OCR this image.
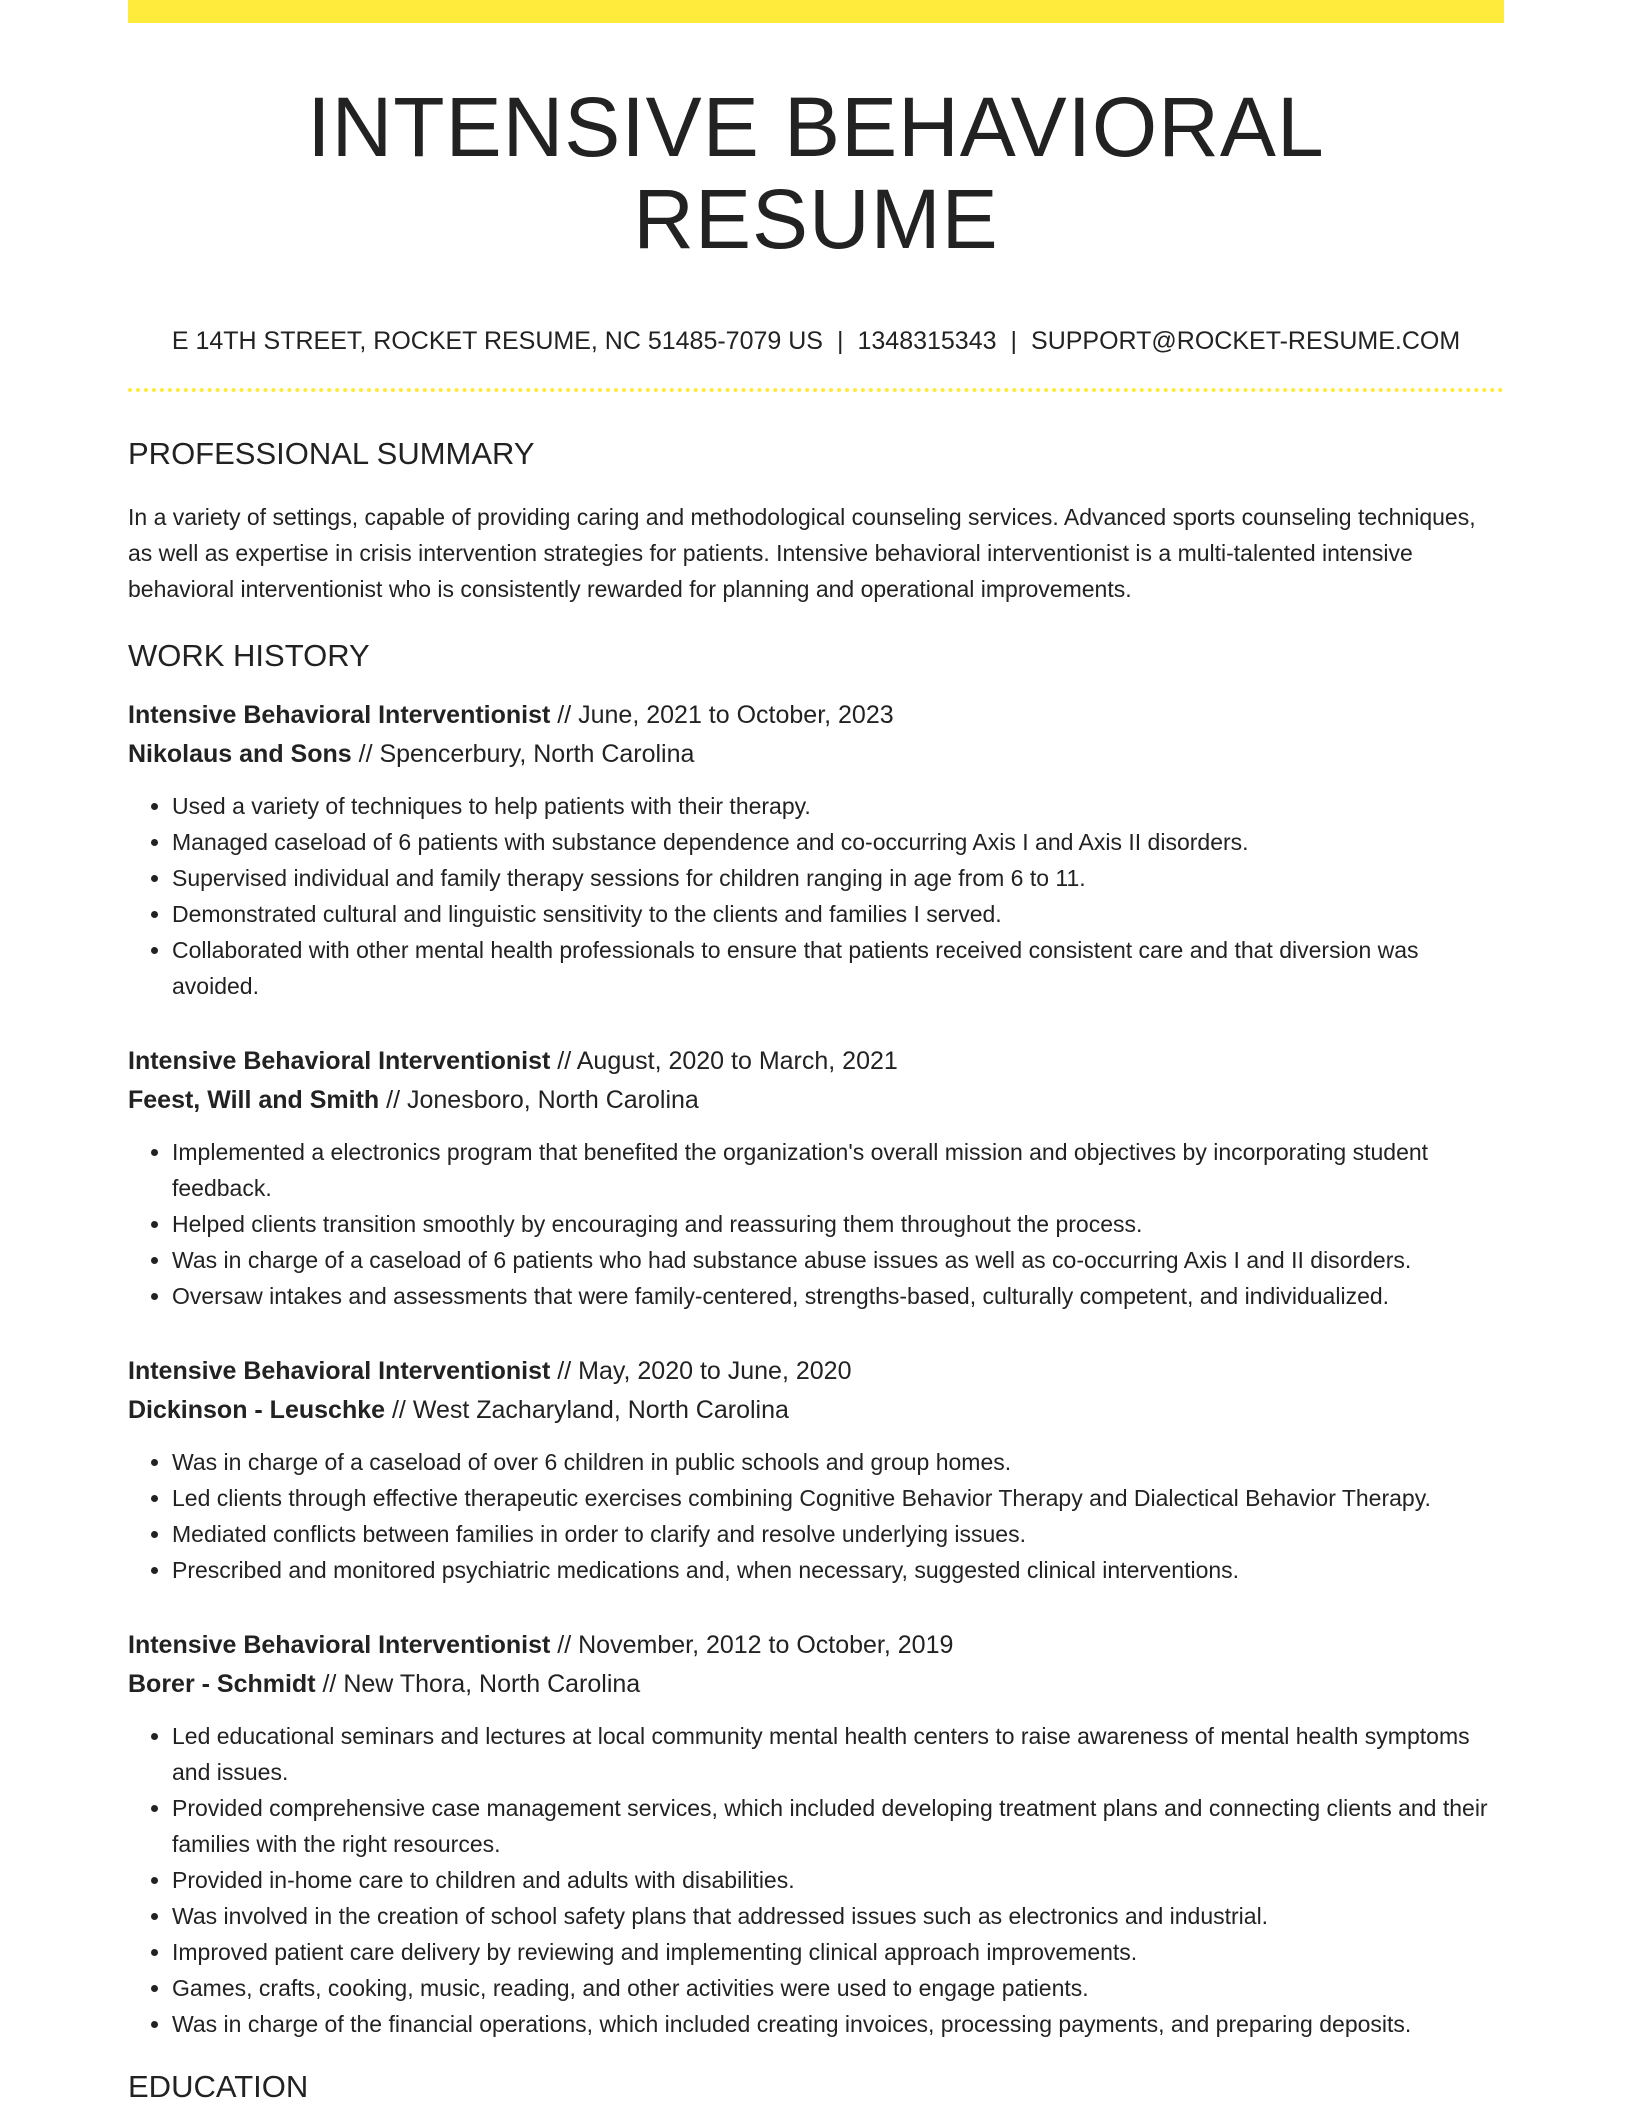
INTENSIVE BEHAVIORAL RESUME
E 14TH STREET, ROCKET RESUME, NC 51485-7079 US | 1348315343 | SUPPORT@ROCKET-RESUME.COM
PROFESSIONAL SUMMARY
In a variety of settings, capable of providing caring and methodological counseling services. Advanced sports counseling techniques, as well as expertise in crisis intervention strategies for patients. Intensive behavioral interventionist is a multi-talented intensive behavioral interventionist who is consistently rewarded for planning and operational improvements.
WORK HISTORY
Intensive Behavioral Interventionist // June, 2021 to October, 2023
Nikolaus and Sons // Spencerbury, North Carolina
• Used a variety of techniques to help patients with their therapy.
• Managed caseload of 6 patients with substance dependence and co-occurring Axis I and Axis II disorders.
• Supervised individual and family therapy sessions for children ranging in age from 6 to 11.
• Demonstrated cultural and linguistic sensitivity to the clients and families I served.
• Collaborated with other mental health professionals to ensure that patients received consistent care and that diversion was avoided.
Intensive Behavioral Interventionist // August, 2020 to March, 2021
Feest, Will and Smith // Jonesboro, North Carolina
• Implemented a electronics program that benefited the organization's overall mission and objectives by incorporating student feedback.
• Helped clients transition smoothly by encouraging and reassuring them throughout the process.
• Was in charge of a caseload of 6 patients who had substance abuse issues as well as co-occurring Axis I and II disorders.
• Oversaw intakes and assessments that were family-centered, strengths-based, culturally competent, and individualized.
Intensive Behavioral Interventionist // May, 2020 to June, 2020
Dickinson - Leuschke // West Zacharyland, North Carolina
• Was in charge of a caseload of over 6 children in public schools and group homes.
• Led clients through effective therapeutic exercises combining Cognitive Behavior Therapy and Dialectical Behavior Therapy.
• Mediated conflicts between families in order to clarify and resolve underlying issues.
• Prescribed and monitored psychiatric medications and, when necessary, suggested clinical interventions.
Intensive Behavioral Interventionist // November, 2012 to October, 2019
Borer - Schmidt // New Thora, North Carolina
• Led educational seminars and lectures at local community mental health centers to raise awareness of mental health symptoms and issues.
• Provided comprehensive case management services, which included developing treatment plans and connecting clients and their families with the right resources.
• Provided in-home care to children and adults with disabilities.
• Was involved in the creation of school safety plans that addressed issues such as electronics and industrial.
• Improved patient care delivery by reviewing and implementing clinical approach improvements.
• Games, crafts, cooking, music, reading, and other activities were used to engage patients.
• Was in charge of the financial operations, which included creating invoices, processing payments, and preparing deposits.
EDUCATION
